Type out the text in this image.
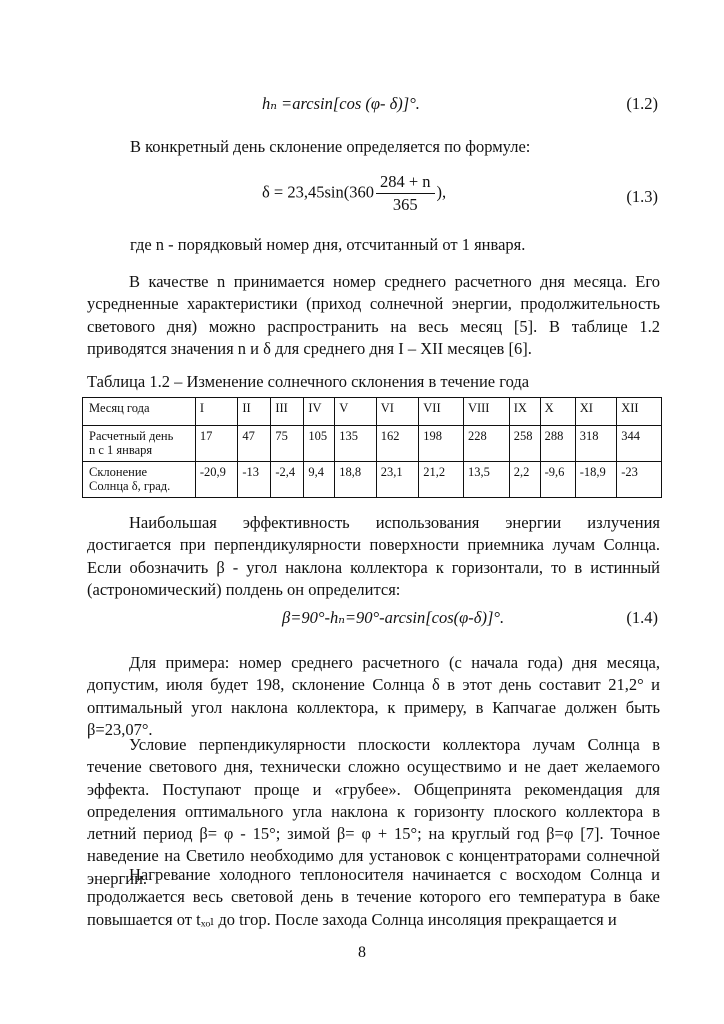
hₙ =arcsin[cos (φ- δ)]°.	(1.2)
В конкретный день склонение определяется по формуле:
$\delta = 23,45\sin(360 \frac{284 + n}{365}$ ),	(1.3)
где n - порядковый номер дня, отсчитанный от 1 января.

В качестве n принимается номер среднего расчетного дня месяца. Его усредненные характеристики (приход солнечной энергии, продолжительность светового дня) можно распространить на весь месяц [5]. В таблице 1.2 приводятся значения n и δ для среднего дня I – XII месяцев [6].

Таблица 1.2 – Изменение солнечного склонения в течение года
Месяц года	I	II	III	IV	V	VI	VII	VIII	IX	X	XI	XII

Расчетный день
n с 1 января	17	47	75	105	135	162	198	228	258	288	318	344

Склонение
Солнца δ, град.	-20,9	-13	-2,4	9,4	18,8	23,1	21,2	13,5	2,2	-9,6	-18,9	-23

Наибольшая эффективность использования энергии излучения достигается при перпендикулярности поверхности приемника лучам Солнца. Если обозначить β - угол наклона коллектора к горизонтали, то в истинный (астрономический) полдень он определится:

β=90°-hₙ=90°-arcsin[cos(φ-δ)]°.	(1.4)

Для примера: номер среднего расчетного (с начала года) дня месяца, допустим, июля будет 198, склонение Солнца δ в этот день составит 21,2° и оптимальный угол наклона коллектора, к примеру, в Капчагае должен быть β=23,07°.

Условие перпендикулярности плоскости коллектора лучам Солнца в течение светового дня, технически сложно осуществимо и не дает желаемого эффекта. Поступают проще и «грубее». Общепринята рекомендация для определения оптимального угла наклона к горизонту плоского коллектора в летний период β= φ - 15°; зимой β= φ + 15°; на круглый год β=φ [7]. Точное наведение на Светило необходимо для установок с концентраторами солнечной энергии.

Нагревание холодного теплоносителя начинается с восходом Солнца и продолжается весь световой день в течение которого его температура в баке повышается от tₓₒₗ до tгор. После захода Солнца инсоляция прекращается и

8
